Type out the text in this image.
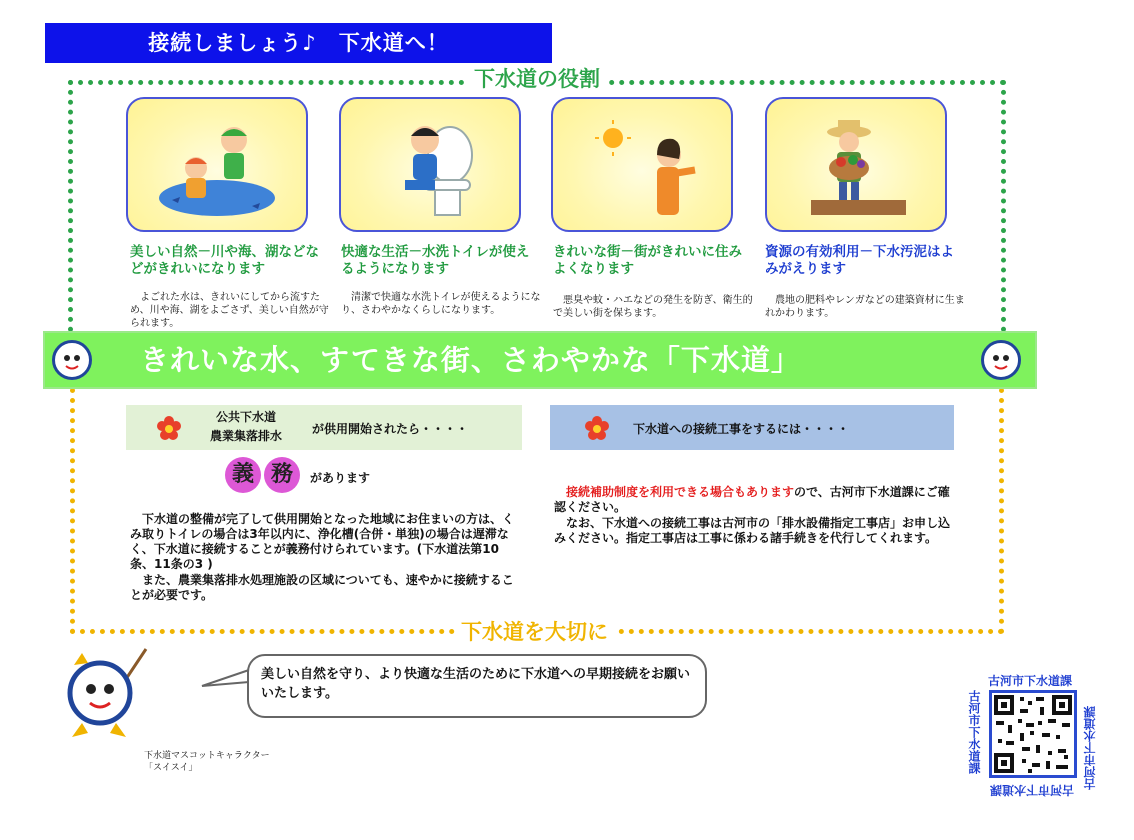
接続しましょう♪　下水道へ！
下水道の役割
下水道を大切に
美しい自然－川や海、湖などなどがきれいになります
よごれた水は、きれいにしてから流すため、川や海、湖をよごさず、美しい自然が守られます。
快適な生活－水洗トイレが使えるようになります
清潔で快適な水洗トイレが使えるようになり、さわやかなくらしになります。
きれいな街－街がきれいに住みよくなります
悪臭や蚊・ハエなどの発生を防ぎ、衛生的で美しい街を保ちます。
資源の有効利用－下水汚泥はよみがえります
農地の肥料やレンガなどの建築資材に生まれかわります。
きれいな水、すてきな街、さわやかな「下水道」
公共下水道
農業集落排水 が供用開始されたら・・・・
義 務	があります
下水道の整備が完了して供用開始となった地域にお住まいの方は、くみ取りトイレの場合は3年以内に、浄化槽(合併・単独)の場合は遅滞なく、下水道に接続することが義務付けられています。(下水道法第10条、11条の3 )
また、農業集落排水処理施設の区域についても、速やかに接続することが必要です。
下水道への接続工事をするには・・・・
接続補助制度を利用できる場合もありますので、古河市下水道課にご確認ください。
なお、下水道への接続工事は古河市の「排水設備指定工事店」お申し込みください。指定工事店は工事に係わる諸手続きを代行してくれます。
美しい自然を守り、より快適な生活のために下水道への早期接続をお願いいたします。
下水道マスコットキャラクター
「スイスイ」
古河市下水道課
古河市下水道課	古河市下水道課
古河市下水道課
